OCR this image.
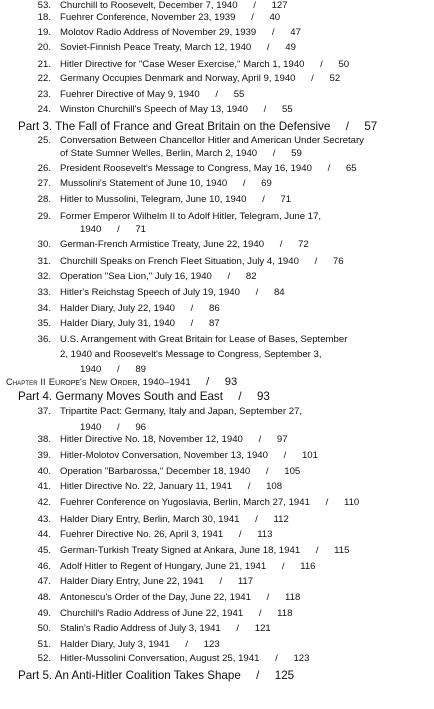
18. Fuehrer Conference, November 23, 1939 / 40
19. Molotov Radio Address of November 29, 1939 / 47
20. Soviet-Finnish Peace Treaty, March 12, 1940 / 49
21. Hitler Directive for "Case Weser Exercise," March 1, 1940 / 50
22. Germany Occupies Denmark and Norway, April 9, 1940 / 52
23. Fuehrer Directive of May 9, 1940 / 55
24. Winston Churchill's Speech of May 13, 1940 / 55
Part 3. The Fall of France and Great Britain on the Defensive / 57
25. Conversation Between Chancellor Hitler and American Under Secretary
of State Sumner Welles, Berlin, March 2, 1940 / 59
26. President Roosevelt's Message to Congress, May 16, 1940 / 65
27. Mussolini's Statement of June 10, 1940 / 69
28. Hitler to Mussolini, Telegram, June 10, 1940 / 71
29. Former Emperor Wilhelm II to Adolf Hitler, Telegram, June 17,
1940 / 71
30. German-French Armistice Treaty, June 22, 1940 / 72
31. Churchill Speaks on French Fleet Situation, July 4, 1940 / 76
32. Operation "Sea Lion," July 16, 1940 / 82
33. Hitler's Reichstag Speech of July 19, 1940 / 84
34. Halder Diary, July 22, 1940 / 86
35. Halder Diary, July 31, 1940 / 87
36. U.S. Arrangement with Great Britain for Lease of Bases, September
2, 1940 and Roosevelt's Message to Congress, September 3,
1940 / 89
Chapter II Europe's New Order, 1940–1941 / 93
Part 4. Germany Moves South and East / 93
37. Tripartite Pact: Germany, Italy and Japan, September 27,
1940 / 96
38. Hitler Directive No. 18, November 12, 1940 / 97
39. Hitler-Molotov Conversation, November 13, 1940 / 101
40. Operation "Barbarossa," December 18, 1940 / 105
41. Hitler Directive No. 22, January 11, 1941 / 108
42. Fuehrer Conference on Yugoslavia, Berlin, March 27, 1941 / 110
43. Halder Diary Entry, Berlin, March 30, 1941 / 112
44. Fuehrer Directive No. 26, April 3, 1941 / 113
45. German-Turkish Treaty Signed at Ankara, June 18, 1941 / 115
46. Adolf Hitler to Regent of Hungary, June 21, 1941 / 116
47. Halder Diary Entry, June 22, 1941 / 117
48. Antonescu's Order of the Day, June 22, 1941 / 118
49. Churchill's Radio Address of June 22, 1941 / 118
50. Stalin's Radio Address of July 3, 1941 / 121
51. Halder Diary, July 3, 1941 / 123
52. Hitler-Mussolini Conversation, August 25, 1941 / 123
Part 5. An Anti-Hitler Coalition Takes Shape / 125
53. Churchill to Roosevelt, December 7, 1940 / 127
